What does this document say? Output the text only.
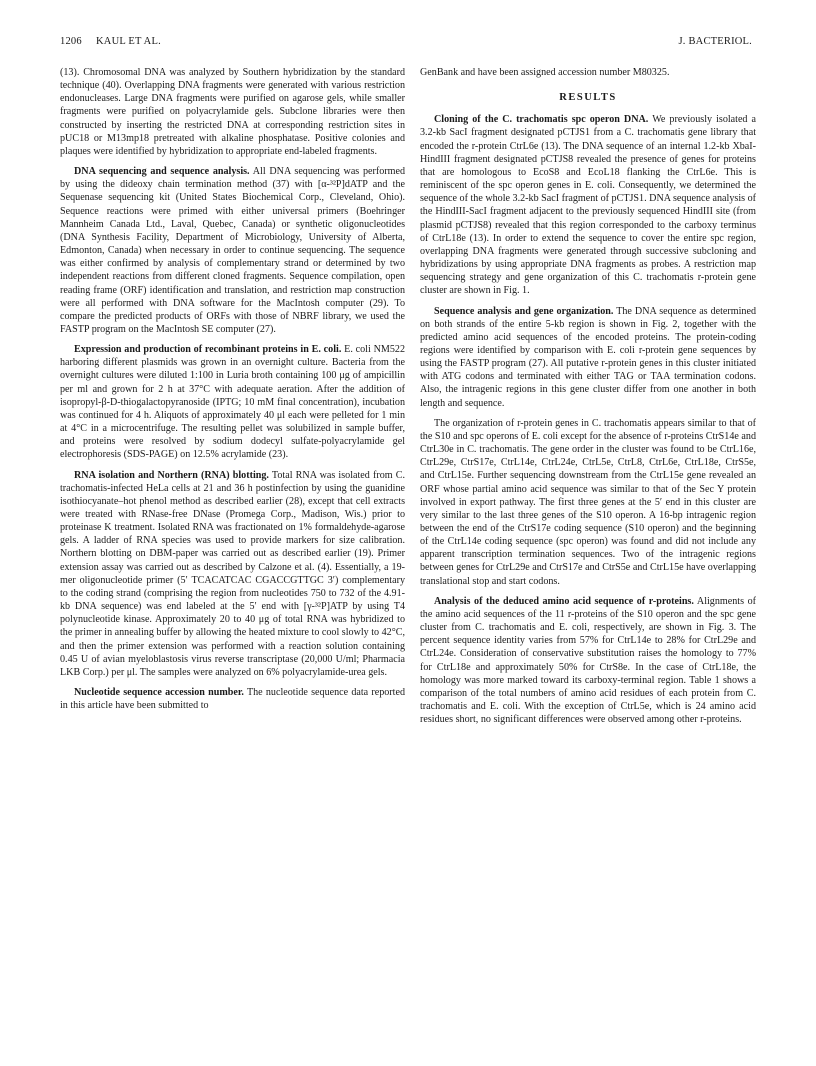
1206 KAUL ET AL.	J. BACTERIOL.

(13). Chromosomal DNA was analyzed by Southern hybridization by the standard technique (40). Overlapping DNA fragments were generated with various restriction endonucleases. Large DNA fragments were purified on agarose gels, while smaller fragments were purified on polyacrylamide gels. Subclone libraries were then constructed by inserting the restricted DNA at corresponding restriction sites in pUC18 or M13mp18 pretreated with alkaline phosphatase. Positive colonies and plaques were identified by hybridization to appropriate end-labeled fragments.

DNA sequencing and sequence analysis. All DNA sequencing was performed by using the dideoxy chain termination method (37) with [α-³²P]dATP and the Sequenase sequencing kit (United States Biochemical Corp., Cleveland, Ohio). Sequence reactions were primed with either universal primers (Boehringer Mannheim Canada Ltd., Laval, Quebec, Canada) or synthetic oligonucleotides (DNA Synthesis Facility, Department of Microbiology, University of Alberta, Edmonton, Canada) when necessary in order to continue sequencing. The sequence was either confirmed by analysis of complementary strand or determined by two independent reactions from different cloned fragments. Sequence compilation, open reading frame (ORF) identification and translation, and restriction map construction were all performed with DNA software for the MacIntosh computer (29). To compare the predicted products of ORFs with those of NBRF library, we used the FASTP program on the MacIntosh SE computer (27).

Expression and production of recombinant proteins in E. coli. E. coli NM522 harboring different plasmids was grown in an overnight culture. Bacteria from the overnight cultures were diluted 1:100 in Luria broth containing 100 μg of ampicillin per ml and grown for 2 h at 37°C with adequate aeration. After the addition of isopropyl-β-D-thiogalactopyranoside (IPTG; 10 mM final concentration), incubation was continued for 4 h. Aliquots of approximately 40 μl each were pelleted for 1 min at 4°C in a microcentrifuge. The resulting pellet was solubilized in sample buffer, and proteins were resolved by sodium dodecyl sulfate-polyacrylamide gel electrophoresis (SDS-PAGE) on 12.5% acrylamide (23).

RNA isolation and Northern (RNA) blotting. Total RNA was isolated from C. trachomatis-infected HeLa cells at 21 and 36 h postinfection by using the guanidine isothiocyanate–hot phenol method as described earlier (28), except that cell extracts were treated with RNase-free DNase (Promega Corp., Madison, Wis.) prior to proteinase K treatment. Isolated RNA was fractionated on 1% formaldehyde-agarose gels. A ladder of RNA species was used to provide markers for size calibration. Northern blotting on DBM-paper was carried out as described earlier (19). Primer extension assay was carried out as described by Calzone et al. (4). Essentially, a 19-mer oligonucleotide primer (5′ TCACATCAC CGACCGTTGC 3′) complementary to the coding strand (comprising the region from nucleotides 750 to 732 of the 4.91-kb DNA sequence) was end labeled at the 5′ end with [γ-³²P]ATP by using T4 polynucleotide kinase. Approximately 20 to 40 μg of total RNA was hybridized to the primer in annealing buffer by allowing the heated mixture to cool slowly to 42°C, and then the primer extension was performed with a reaction solution containing 0.45 U of avian myeloblastosis virus reverse transcriptase (20,000 U/ml; Pharmacia LKB Corp.) per μl. The samples were analyzed on 6% polyacrylamide-urea gels.

Nucleotide sequence accession number. The nucleotide sequence data reported in this article have been submitted to

GenBank and have been assigned accession number M80325.

RESULTS

Cloning of the C. trachomatis spc operon DNA. We previously isolated a 3.2-kb SacI fragment designated pCTJS1 from a C. trachomatis gene library that encoded the r-protein CtrL6e (13). The DNA sequence of an internal 1.2-kb XbaI-HindIII fragment designated pCTJS8 revealed the presence of genes for proteins that are homologous to EcoS8 and EcoL18 flanking the CtrL6e. This is reminiscent of the spc operon genes in E. coli. Consequently, we determined the sequence of the whole 3.2-kb SacI fragment of pCTJS1. DNA sequence analysis of the HindIII-SacI fragment adjacent to the previously sequenced HindIII site (from plasmid pCTJS8) revealed that this region corresponded to the carboxy terminus of CtrL18e (13). In order to extend the sequence to cover the entire spc region, overlapping DNA fragments were generated through successive subcloning and hybridizations by using appropriate DNA fragments as probes. A restriction map sequencing strategy and gene organization of this C. trachomatis r-protein gene cluster are shown in Fig. 1.

Sequence analysis and gene organization. The DNA sequence as determined on both strands of the entire 5-kb region is shown in Fig. 2, together with the predicted amino acid sequences of the encoded proteins. The protein-coding regions were identified by comparison with E. coli r-protein gene sequences by using the FASTP program (27). All putative r-protein genes in this cluster initiated with ATG codons and terminated with either TAG or TAA termination codons. Also, the intragenic regions in this gene cluster differ from one another in both length and sequence.

The organization of r-protein genes in C. trachomatis appears similar to that of the S10 and spc operons of E. coli except for the absence of r-proteins CtrS14e and CtrL30e in C. trachomatis. The gene order in the cluster was found to be CtrL16e, CtrL29e, CtrS17e, CtrL14e, CtrL24e, CtrL5e, CtrL8, CtrL6e, CtrL18e, CtrS5e, and CtrL15e. Further sequencing downstream from the CtrL15e gene revealed an ORF whose partial amino acid sequence was similar to that of the Sec Y protein involved in export pathway. The first three genes at the 5′ end in this cluster are very similar to the last three genes of the S10 operon. A 16-bp intragenic region between the end of the CtrS17e coding sequence (S10 operon) and the beginning of the CtrL14e coding sequence (spc operon) was found and did not include any apparent transcription termination sequences. Two of the intragenic regions between genes for CtrL29e and CtrS17e and CtrS5e and CtrL15e have overlapping translational stop and start codons.

Analysis of the deduced amino acid sequence of r-proteins. Alignments of the amino acid sequences of the 11 r-proteins of the S10 operon and the spc gene cluster from C. trachomatis and E. coli, respectively, are shown in Fig. 3. The percent sequence identity varies from 57% for CtrL14e to 28% for CtrL29e and CtrL24e. Consideration of conservative substitution raises the homology to 77% for CtrL18e and approximately 50% for CtrS8e. In the case of CtrL18e, the homology was more marked toward its carboxy-terminal region. Table 1 shows a comparison of the total numbers of amino acid residues of each protein from C. trachomatis and E. coli. With the exception of CtrL5e, which is 24 amino acid residues short, no significant differences were observed among other r-proteins.
